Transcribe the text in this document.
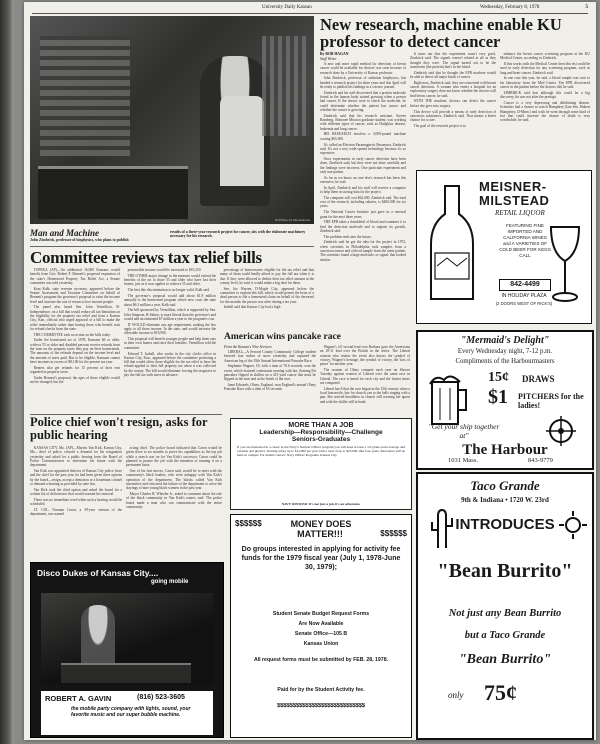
University Daily Kansan	Wednesday, February 8, 1978	5
Staff Photo by Tim Anderson
Man and Machine
John Zimbrick, professor of biophysics, who plans to publish
results of a three-year research project for cancer, sits with the elaborate machinery necessary for his research.
New research, machine enable KU professor to detect cancer
By BOB HAGAN
Staff Writer

 A new and more rapid method for detection of breast cancer could be available for doctors' use soon because of research done by a University of Kansas professor.

 John Zimbrick, professor of radiation biophysics, has headed a research project for three years and this April will be ready to publish his findings in a science journal.

 Zimbrick and his staff discovered that a protein molecule found in the human body started growing when a person had cancer. If the doctor were to check the molecule, he could determine whether the patient has cancer and whether the cancer is growing.

 Zimbrick said that his research assistant, Steven Bamberg, Shawnee Mission graduate student, was working with different types of cancer, such as Hodgkins disease, leukemia and lung cancer.

 HIS RESEARCH involves a 3,000-pound machine costing $65,000.

 It's called an Electron Paramagnetic Resonator, Zimbrick said. It's not a very wide-spread technology because it's so expensive.

 Once experiments in early cancer detection have been done, Zimbrick said, but they were not done carefully and the findings were incorrect. One particular experiment and only one patient.

 As far as we know, no one else's research has been this extensive, he said.

 In April, Zimbrick and his staff will receive a computer to help them in storing data for the project.

 The computer will cost $62,000, Zimbrick said. The total cost of the research, including salaries, is $400,000 for six years.

 The National Cancer Institute just gave us a renewal grant for the next three years.

 THE EPR takes a thimbleful of blood and examines it to find the detection molecule and to register its growth, Zimbrick said.

 The problem ends into the future.

 Zimbrick said he got the idea for the project in 1972, when scientists in Philadelphia took samples from a cancerous tumor and a blood sample from the same patient. The scientists found a large molecule, or signal, that looked similar.

 It turns out that the experiment wasn't very good, Zimbrick said. The signals weren't related at all as they thought they were. The signal turned out to be the transferrin (the protein) that's in the blood.

 Zimbrick said that he thought the EPR machine would be able to detect all major kinds of cancer.

 Right now, Zimbrick said, they are concerned with breast cancer detection. A woman who enters a hospital for an exploratory surgery does not know whether the doctors will find breast cancer, he said.

 WITH THE machine, doctors can detect the cancer before she goes into surgery.

 This device will provide a means of early detection of cancerous substances, Zimbrick said. That means a better chance for a cure.

 The goal of the research project is to

 enhance the breast cancer screening program at the KU Medical Center, according to Zimbrick.

 If this works with the Medical Center then this test could be used in early detection for any screening program, such as lung and heart cancer, Zimbrick said.

 In one case this year, he said, a blood sample was sent to his laboratory from the Med Center. The EPR discovered cancer in the patient before the doctors did, he said.

 ZIMBRICK said that although this could be a big discovery, he was not after the prestige.

 Cancer is a very depressing and debilitating disease. Scientists had a chance to watch Humphrey (late Sen. Hubert Humphrey, D-Minn.) and wish he went through some kind of test that could increase the chance of death is very worthwhile, he said.

Committee reviews tax relief bills

 TOPEKA (AP)—An additional 16,000 Kansans would benefit from Gov. Robert F. Bennett's proposed expansion of the state's Homestead Property Tax Relief Act, a Senate committee was told yesterday.

 Kent Kalb, state revenue secretary, appeared before the Senate Assessment and Taxation Committee on behalf of Bennett's program the governor's proposal to raise the income level and increase the rate of return to low-income people.

 The panel also heard Sen. John Vermillion, R-Independence, on a bill that would reduce all tax limitation on the eligibility for the property tax relief and from a Kansas City, Kan., official who urged approval of a bill to make the relief immediately rather than having those who benefit wait for refund checks from the state.

 THE COMMITTEE took no action on the bills today.

 Under the homestead act of 1978, Kansans 60 or older, widows 55 or older and disabled persons receive refunds from the state on the property taxes they pay on their homesteads. The amounts of the refunds depend on the income level and the amount of taxes paid. But to be eligible, Kansans cannot have incomes in excess of $8,100 for the present tax year.

 Renters also get refunds for 15 percent of their rent regarded as property taxes.

 Under Bennett's proposal, the ages of those eligible would not be changed, but the

 permissible income would be increased to $10,250.

 THE OTHER major change in the measure would extend the benefits of the act to those 55 and older who have lost their homes, just as it now applies to widows 55 and older.

 The best this discrimination is no longer valid, Kalb said.

 The governor's proposal would add about $1.8 million annually to the homestead program which now costs the state about $6.3 million a year, Kalb said.

 The bill sponsored by Vermillion, which is supported by Sen. John Simpson, R-Salina, is more liberal than the governor's and would add an estimated $7 million a year to the program's cost.

 IT WOULD eliminate any age requirement, making the law apply to all those income. In the state, and would increase the allowable income to $10,900.

 This proposal will benefit younger people and help them stay in their own homes and raise their families, Vermillion told the committee.

 Edward T. Isabell, who works in the city clerk's office in Kansas City, Kan., appeared before the committee protesting a bill that would allow those eligible for the tax relief to have the refund applied to their full property tax when it was collected by the county. The bill would eliminate forcing the taxpayers to pay the full tax with taxes in advance.

 percentage of homeowners eligible for the tax relief and that many of them could hardly afford to pay the full tax when it is due. If they were allowed to deduct their tax relief amount at the county level, he said, it would make a big deal for them.

 Sen. Joe Warren, D-Maple City, appeared before the committee to explain this bill, which would permit the heirs of a dead person to file a homestead claim on behalf of the deceased for the months the person was alive during a tax year.

 Isabell said that Kansas City had a high

American wins pancake race
From the Kansan's Wire Services

 LIBERAL—A Seward County Community College student breezed four inches of snow yesterday and captured the American leg of the 29th Annual International Pancake Race.

 Stephanie Wagner, 18, with a time of 70.6 seconds, won the event, which featured contestants running with hot, flaming Kit pancakes flipped in skillets on a 415-yard course that must be flipped at the start and at the finish of the race.

 Janet Edwards, Olney, England, won England's annual Olney Pancake Race with a time of 65 seconds.

 Wagner's 4.0 second lead over Barbara gave the Americans an 18-11 lead over the British in the series. The Liberal woman who retains the event also knows the symbol of victory, Wagner's heritage, the symbol of victory, the 'kiss of peace' for another year.

 The women of Olney compete each year on Shrove Tuesday against women of Liberal over the same race in Liberal. The race is timed for each city and the fastest times are compared.

 Liberal has 8 that the race began in the 15th century when a local housewife, late for church, ran to the bells ringing with a pan. She arrived breathless in church still wearing her apron and with the skillet still in hand.

Police chief won't resign, asks for public hearing

 KANSAS CITY, Mo. (AP)—Marvin Van Kirk, Kansas City, Mo., chief of police, refused a demand for his resignation yesterday and asked for a public hearing from the Board of Police Commissioners to determine his future with the department.

 Van Kirk was appointed director of Kansas City police force and the chief for the past year, he had been given three options by the board—resign, accept a demotion or a lieutenant colonel or demand a hearing as provided by state law.

 Van Kirk took the third option and asked the board for a written list of deficiencies that would warrant his removal.

 There was no immediate word when such a hearing would be scheduled.

 LT. COL. Norman Caron, a 39-year veteran of the department, was named

 acting chief. The police board indicated that Caron would be given three to six months to prove his capabilities as the top job while a search was on for Van Kirk's successor. Caron could be planned to pursue the job with the intention of running it on a permanent basis.

 One of his first moves, Caron said, would be to meet with the community's black leaders, who were unhappy with Van Kirk's operation of the department. The blacks called Van Kirk insensitive and criticized the failure of the department to solve the slayings of nine young black women in the past year.

 Mayor Charles B. Wheeler Jr., asked to comment about the role of the black community in Van Kirk's ouster, said: The police board made a man who can communicate with the entire community.

MORE THAN A JOB
Leadership—Responsibility—Challenge
Seniors-Graduates
If you are interested in a career in the Navy's Nuclear Officer program you will need at least a 3.0 grade point average and calculus and physics. Starting salary up to $13,000 per year with a total of up to $23,000 after four years. Interviews will be held on campus. For details contact: Navy Officer Programs, Kansas City.
NAVY OFFICER: It's not just a job, it's an adventure.
$$$$$$
$$$$$$
MONEY DOES
MATTER!!!
Do groups interested in applying for activity fee funds for the 1979 fiscal year (July 1, 1978-June 30, 1979);
Student Senate Budget Request Forms
Are Now Available
Senate Office—105 B
Kansas Union
All request forms must be submitted by FEB. 28, 1978.
Paid for by the Student Activity fee.
$$$$$$$$$$$$$$$$$$$$$$$$$$$$
Disco Dukes of Kansas City....
going mobile
ROBERT A. GAVIN	(816) 523-3605
the mobile party company with lights, sound, your favorite music and our super bubble machine.
MEISNER-
MILSTEAD
RETAIL LIQUOR
FEATURING FINE IMPORTED AND CALIFORNIA WINES and A VARIETIES OF COLD BEER FOR KEGS CALL
842-4499
IN HOLIDAY PLAZA
(2 DOORS WEST OF RICK'S)
"Mermaid's Delight"
Every Wednesday night, 7-12 p.m.
Compliments of the Harbourmasters
15¢ DRAWS
$1 PITCHERS for the ladies!
"Get your ship together at"
The Harbour
1031 Mass.	843-9779
Taco Grande
9th & Indiana • 1720 W. 23rd
INTRODUCES
"Bean Burrito"
Not just any Bean Burrito
but a Taco Grande
"Bean Burrito"
only 75¢
